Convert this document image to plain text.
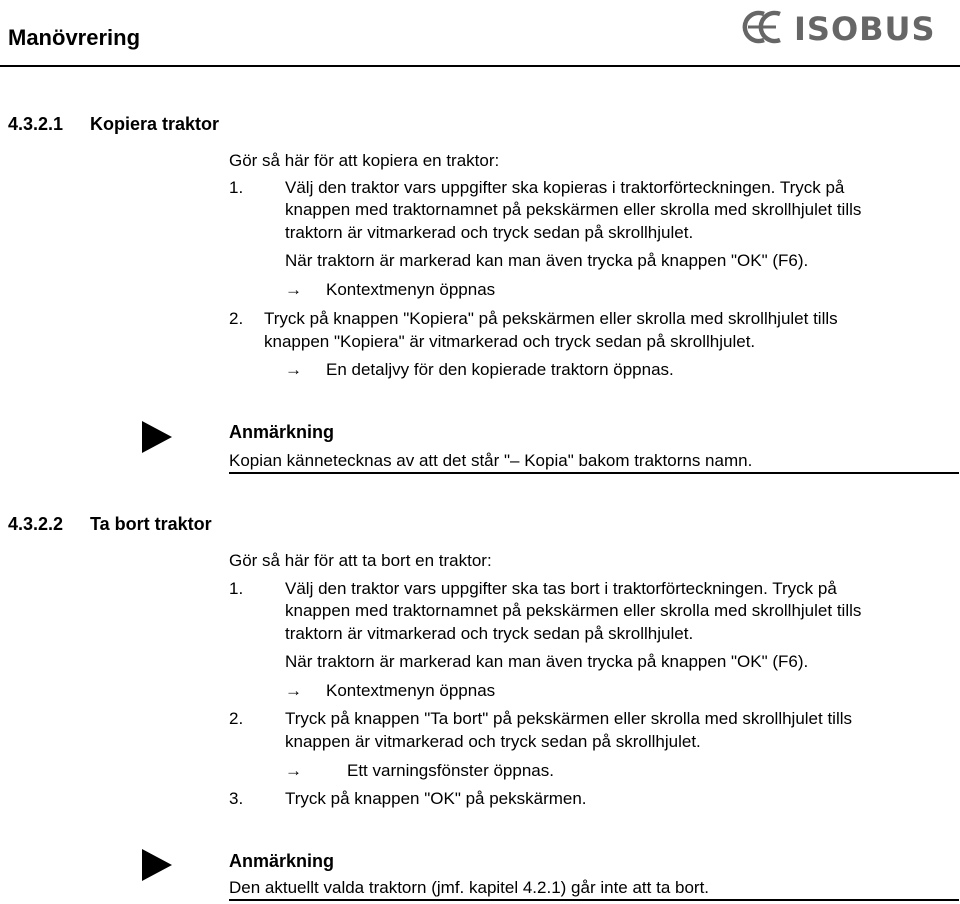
Manövrering	ISOBUS
4.3.2.1 Kopiera traktor
Gör så här för att kopiera en traktor:
1. Välj den traktor vars uppgifter ska kopieras i traktorförteckningen. Tryck på
knappen med traktornamnet på pekskärmen eller skrolla med skrollhjulet tills
traktorn är vitmarkerad och tryck sedan på skrollhjulet.
När traktorn är markerad kan man även trycka på knappen "OK" (F6).
→ Kontextmenyn öppnas
2. Tryck på knappen "Kopiera" på pekskärmen eller skrolla med skrollhjulet tills
knappen "Kopiera" är vitmarkerad och tryck sedan på skrollhjulet.
→ En detaljvy för den kopierade traktorn öppnas.
Anmärkning
Kopian kännetecknas av att det står "– Kopia" bakom traktorns namn.
4.3.2.2 Ta bort traktor
Gör så här för att ta bort en traktor:
1. Välj den traktor vars uppgifter ska tas bort i traktorförteckningen. Tryck på
knappen med traktornamnet på pekskärmen eller skrolla med skrollhjulet tills
traktorn är vitmarkerad och tryck sedan på skrollhjulet.
När traktorn är markerad kan man även trycka på knappen "OK" (F6).
→ Kontextmenyn öppnas
2. Tryck på knappen "Ta bort" på pekskärmen eller skrolla med skrollhjulet tills
knappen är vitmarkerad och tryck sedan på skrollhjulet.
→	Ett varningsfönster öppnas.
3. Tryck på knappen "OK" på pekskärmen.
Anmärkning
Den aktuellt valda traktorn (jmf. kapitel 4.2.1) går inte att ta bort.
